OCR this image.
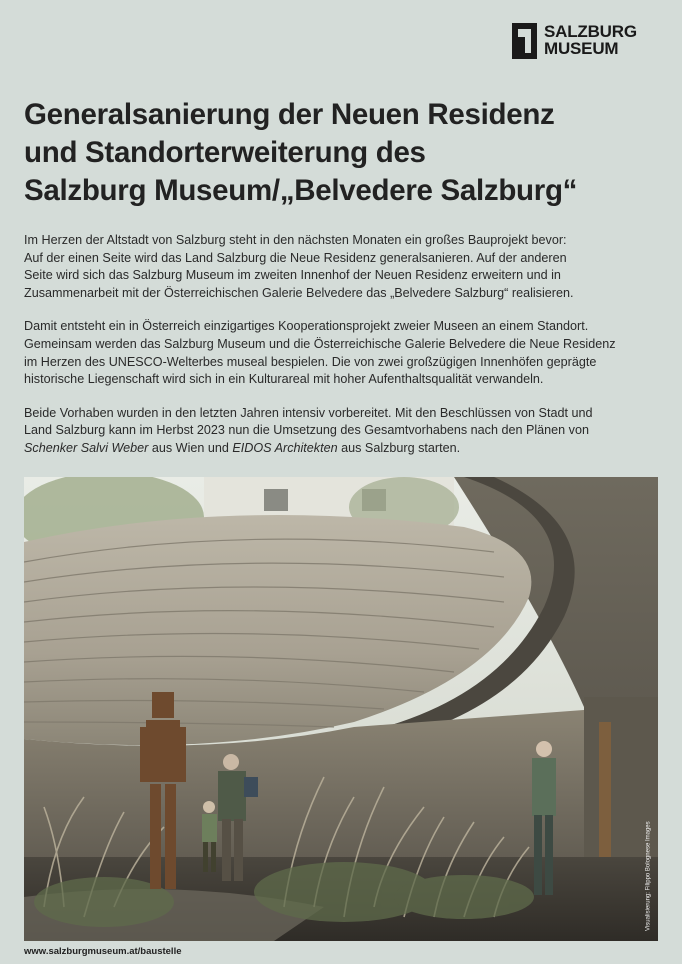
SALZBURG
MUSEUM
Generalsanierung der Neuen Residenz
und Standorterweiterung des
Salzburg Museum/„Belvedere Salzburg“

Im Herzen der Altstadt von Salzburg steht in den nächsten Monaten ein großes Bauprojekt bevor:
Auf der einen Seite wird das Land Salzburg die Neue Residenz generalsanieren. Auf der anderen
Seite wird sich das Salzburg Museum im zweiten Innenhof der Neuen Residenz erweitern und in
Zusammenarbeit mit der Österreichischen Galerie Belvedere das „Belvedere Salzburg“ realisieren.

Damit entsteht ein in Österreich einzigartiges Kooperationsprojekt zweier Museen an einem Standort.
Gemeinsam werden das Salzburg Museum und die Österreichische Galerie Belvedere die Neue Residenz
im Herzen des UNESCO-Welterbes museal bespielen. Die von zwei großzügigen Innenhöfen geprägte
historische Liegenschaft wird sich in ein Kulturareal mit hoher Aufenthaltsqualität verwandeln.

Beide Vorhaben wurden in den letzten Jahren intensiv vorbereitet. Mit den Beschlüssen von Stadt und
Land Salzburg kann im Herbst 2023 nun die Umsetzung des Gesamtvorhabens nach den Plänen von
Schenker Salvi Weber aus Wien und EIDOS Architekten aus Salzburg starten.

Visualisierung: Filippo Bolognese Images
www.salzburgmuseum.at/baustelle
